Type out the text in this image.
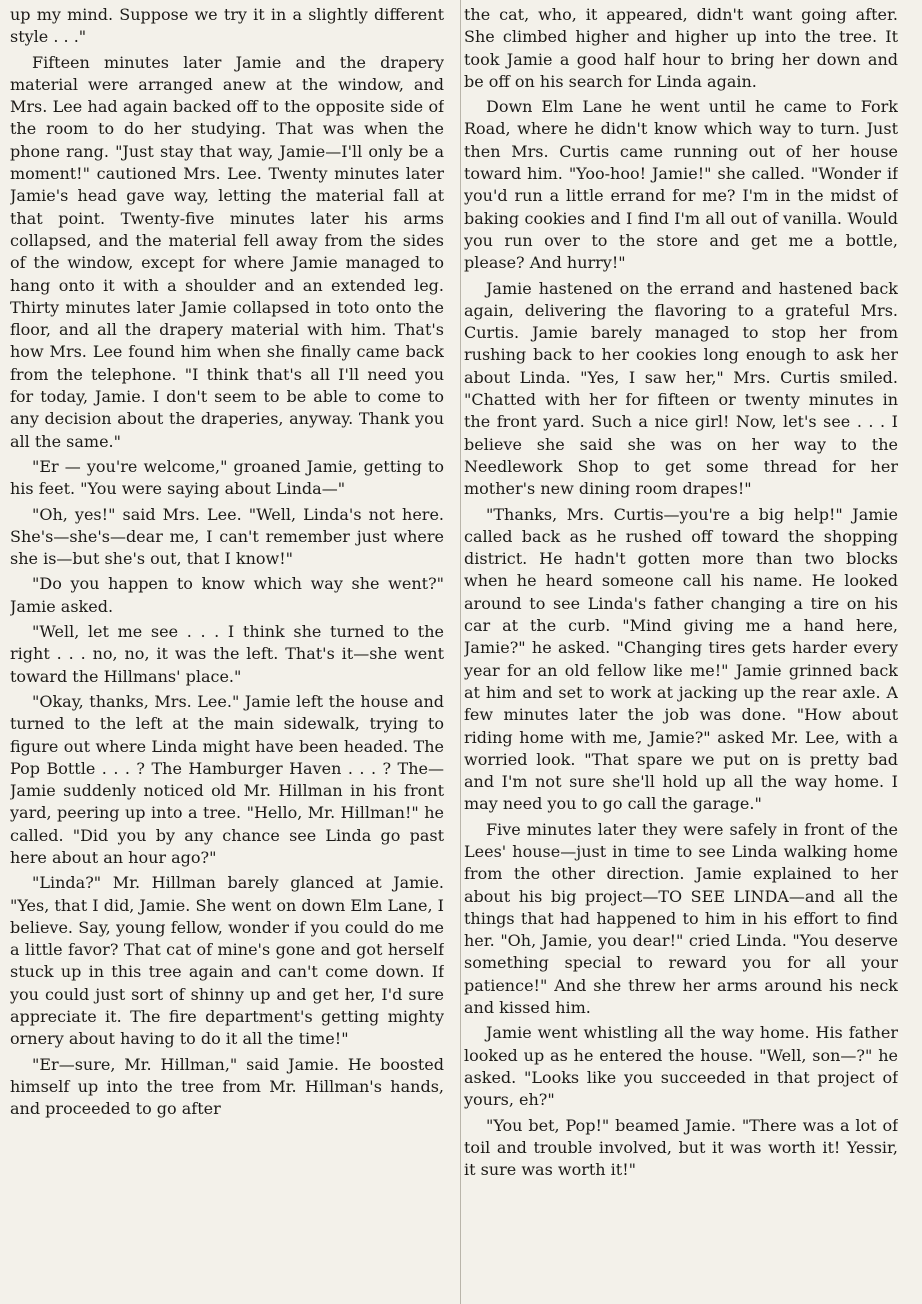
up my mind. Suppose we try it in a slightly different style . . ."

Fifteen minutes later Jamie and the drapery material were arranged anew at the window, and Mrs. Lee had again backed off to the opposite side of the room to do her studying. That was when the phone rang. "Just stay that way, Jamie—I'll only be a moment!" cautioned Mrs. Lee. Twenty minutes later Jamie's head gave way, letting the material fall at that point. Twenty-five minutes later his arms collapsed, and the material fell away from the sides of the window, except for where Jamie managed to hang onto it with a shoulder and an extended leg. Thirty minutes later Jamie collapsed in toto onto the floor, and all the drapery material with him. That's how Mrs. Lee found him when she finally came back from the telephone. "I think that's all I'll need you for today, Jamie. I don't seem to be able to come to any decision about the draperies, anyway. Thank you all the same."

"Er — you're welcome," groaned Jamie, getting to his feet. "You were saying about Linda—"

"Oh, yes!" said Mrs. Lee. "Well, Linda's not here. She's—she's—dear me, I can't remember just where she is—but she's out, that I know!"

"Do you happen to know which way she went?" Jamie asked.

"Well, let me see . . . I think she turned to the right . . . no, no, it was the left. That's it—she went toward the Hillmans' place."

"Okay, thanks, Mrs. Lee." Jamie left the house and turned to the left at the main sidewalk, trying to figure out where Linda might have been headed. The Pop Bottle . . . ? The Hamburger Haven . . . ? The—Jamie suddenly noticed old Mr. Hillman in his front yard, peering up into a tree. "Hello, Mr. Hillman!" he called. "Did you by any chance see Linda go past here about an hour ago?"

"Linda?" Mr. Hillman barely glanced at Jamie. "Yes, that I did, Jamie. She went on down Elm Lane, I believe. Say, young fellow, wonder if you could do me a little favor? That cat of mine's gone and got herself stuck up in this tree again and can't come down. If you could just sort of shinny up and get her, I'd sure appreciate it. The fire department's getting mighty ornery about having to do it all the time!"

"Er—sure, Mr. Hillman," said Jamie. He boosted himself up into the tree from Mr. Hillman's hands, and proceeded to go after

the cat, who, it appeared, didn't want going after. She climbed higher and higher up into the tree. It took Jamie a good half hour to bring her down and be off on his search for Linda again.

Down Elm Lane he went until he came to Fork Road, where he didn't know which way to turn. Just then Mrs. Curtis came running out of her house toward him. "Yoo-hoo! Jamie!" she called. "Wonder if you'd run a little errand for me? I'm in the midst of baking cookies and I find I'm all out of vanilla. Would you run over to the store and get me a bottle, please? And hurry!"

Jamie hastened on the errand and hastened back again, delivering the flavoring to a grateful Mrs. Curtis. Jamie barely managed to stop her from rushing back to her cookies long enough to ask her about Linda. "Yes, I saw her," Mrs. Curtis smiled. "Chatted with her for fifteen or twenty minutes in the front yard. Such a nice girl! Now, let's see . . . I believe she said she was on her way to the Needlework Shop to get some thread for her mother's new dining room drapes!"

"Thanks, Mrs. Curtis—you're a big help!" Jamie called back as he rushed off toward the shopping district. He hadn't gotten more than two blocks when he heard someone call his name. He looked around to see Linda's father changing a tire on his car at the curb. "Mind giving me a hand here, Jamie?" he asked. "Changing tires gets harder every year for an old fellow like me!" Jamie grinned back at him and set to work at jacking up the rear axle. A few minutes later the job was done. "How about riding home with me, Jamie?" asked Mr. Lee, with a worried look. "That spare we put on is pretty bad and I'm not sure she'll hold up all the way home. I may need you to go call the garage."

Five minutes later they were safely in front of the Lees' house—just in time to see Linda walking home from the other direction. Jamie explained to her about his big project—TO SEE LINDA—and all the things that had happened to him in his effort to find her. "Oh, Jamie, you dear!" cried Linda. "You deserve something special to reward you for all your patience!" And she threw her arms around his neck and kissed him.

Jamie went whistling all the way home. His father looked up as he entered the house. "Well, son—?" he asked. "Looks like you succeeded in that project of yours, eh?"

"You bet, Pop!" beamed Jamie. "There was a lot of toil and trouble involved, but it was worth it! Yessir, it sure was worth it!"
